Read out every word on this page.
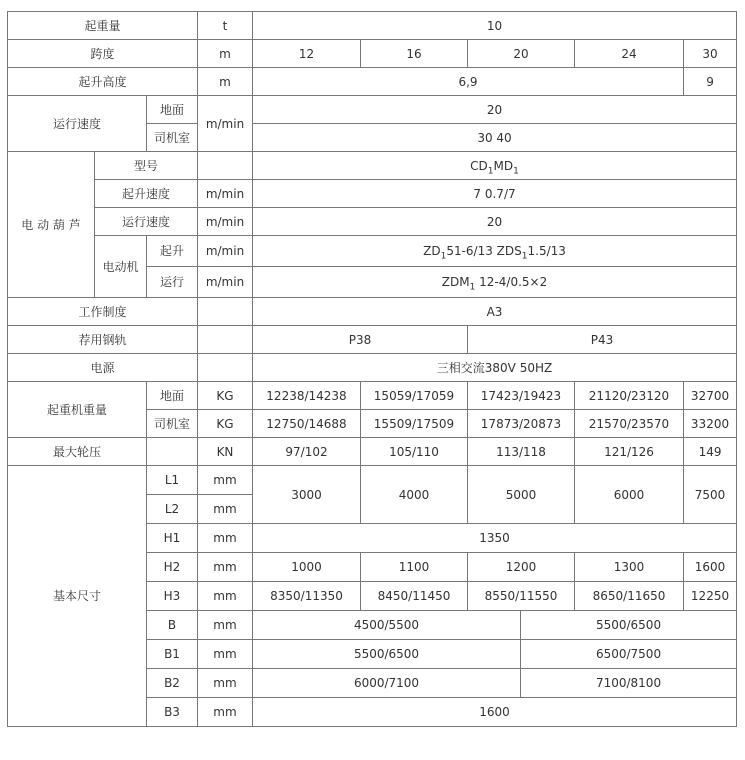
起重量			t	10					
跨度			m	12	16	20		24	30
起升高度			m	6,9					9
运行速度		地面	m/min	20					
		司机室		30 40					
电 动 葫 芦	型号			$CD_1MD_1$
	起升速度		m/min	7 0.7/7					
	运行速度		m/min	20					
	电动机	起升	m/min	$ZD_151-6/13$ $ZDS_11.5/13$					
		运行	m/min	$ZDM_1$ 12-4/0.5×2					
工作制度				A3					
荐用钢轨				P38		P43			
电源				三相交流380V 50HZ					
起重机重量		地面	KG	12238/14238	15059/17059	17423/19423		21120/23120	32700
		司机室	KG	12750/14688	15509/17509	17873/20873		21570/23570	33200
最大轮压			KN	97/102	105/110	113/118		121/126	149
基本尺寸		L1	mm	3000	4000	5000		6000	7500
		L2	mm						
		H1	mm	1350					
		H2	mm	1000	1100	1200		1300	1600
		H3	mm	8350/11350	8450/11450	8550/11550		8650/11650	12250
		B	mm	4500/5500			5500/6500		
		B1	mm	5500/6500			6500/7500		
		B2	mm	6000/7100			7100/8100		
		B3	mm	1600					
